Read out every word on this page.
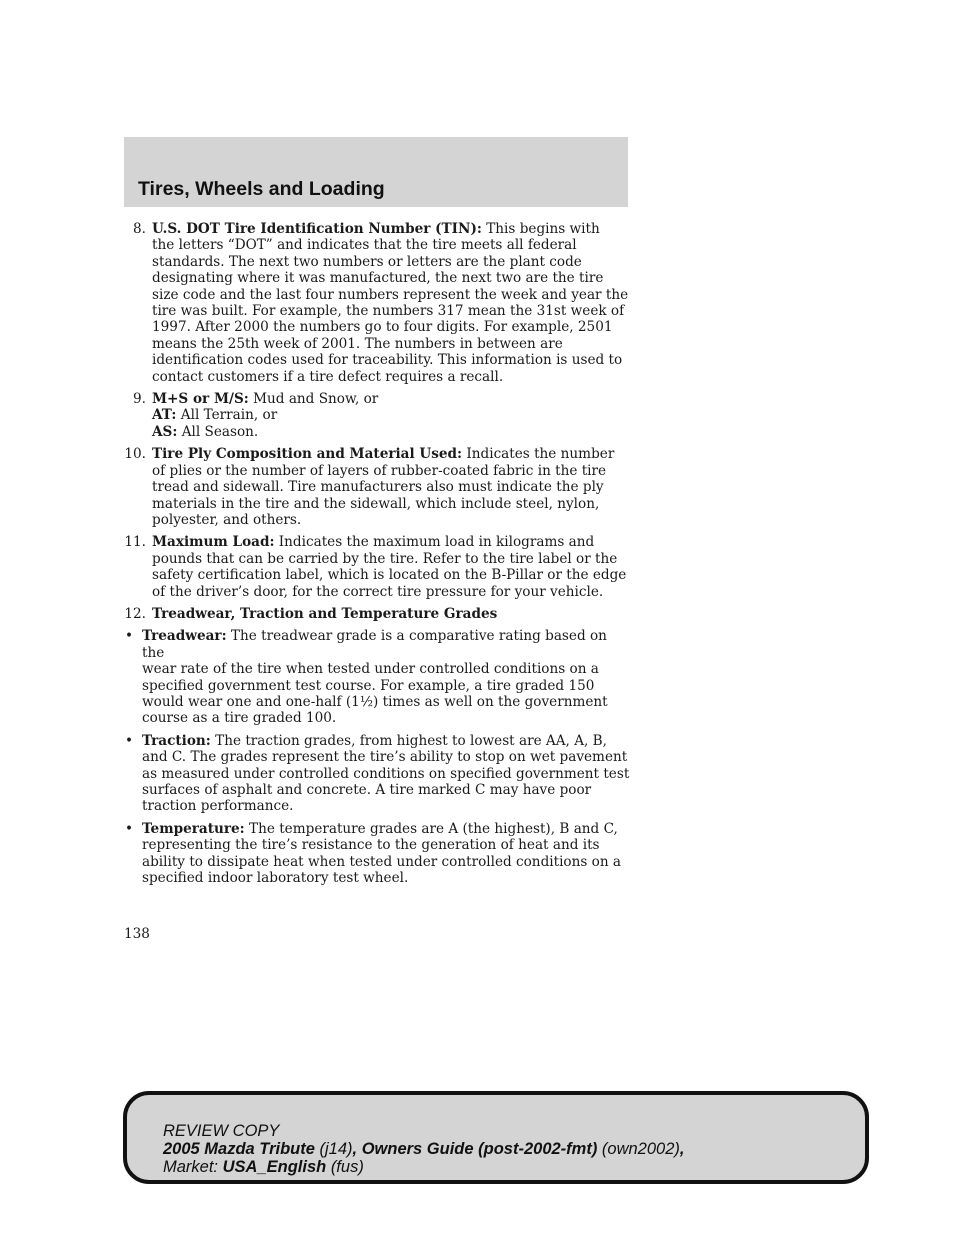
Tires, Wheels and Loading
8. U.S. DOT Tire Identification Number (TIN): This begins with
the letters “DOT” and indicates that the tire meets all federal
standards. The next two numbers or letters are the plant code
designating where it was manufactured, the next two are the tire
size code and the last four numbers represent the week and year the
tire was built. For example, the numbers 317 mean the 31st week of
1997. After 2000 the numbers go to four digits. For example, 2501
means the 25th week of 2001. The numbers in between are
identification codes used for traceability. This information is used to
contact customers if a tire defect requires a recall.
9. M+S or M/S: Mud and Snow, or
AT: All Terrain, or
AS: All Season.
10. Tire Ply Composition and Material Used: Indicates the number
of plies or the number of layers of rubber-coated fabric in the tire
tread and sidewall. Tire manufacturers also must indicate the ply
materials in the tire and the sidewall, which include steel, nylon,
polyester, and others.
11. Maximum Load: Indicates the maximum load in kilograms and
pounds that can be carried by the tire. Refer to the tire label or the
safety certification label, which is located on the B-Pillar or the edge
of the driver’s door, for the correct tire pressure for your vehicle.
12. Treadwear, Traction and Temperature Grades
• Treadwear: The treadwear grade is a comparative rating based on the
wear rate of the tire when tested under controlled conditions on a
specified government test course. For example, a tire graded 150
would wear one and one-half (1½) times as well on the government
course as a tire graded 100.
• Traction: The traction grades, from highest to lowest are AA, A, B,
and C. The grades represent the tire’s ability to stop on wet pavement
as measured under controlled conditions on specified government test
surfaces of asphalt and concrete. A tire marked C may have poor
traction performance.
• Temperature: The temperature grades are A (the highest), B and C,
representing the tire’s resistance to the generation of heat and its
ability to dissipate heat when tested under controlled conditions on a
specified indoor laboratory test wheel.
138
REVIEW COPY
2005 Mazda Tribute (j14), Owners Guide (post-2002-fmt) (own2002),
Market: USA_English (fus)
